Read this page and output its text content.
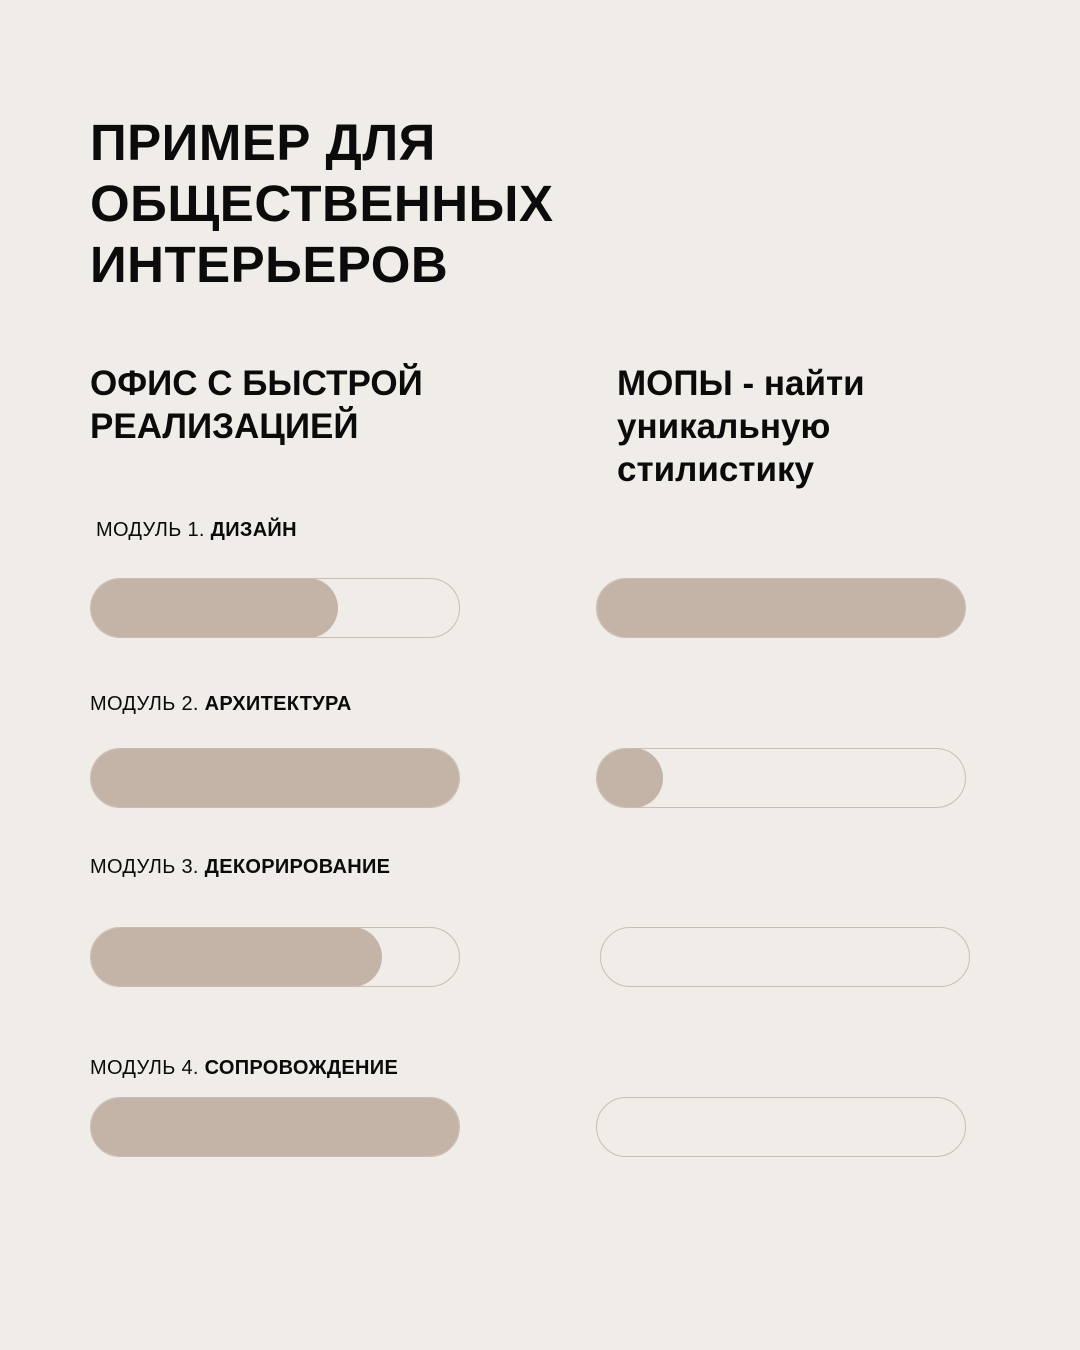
ПРИМЕР ДЛЯ
ОБЩЕСТВЕННЫХ
ИНТЕРЬЕРОВ
ОФИС С БЫСТРОЙ
РЕАЛИЗАЦИЕЙ
МОПЫ - найти
уникальную
стилистику
МОДУЛЬ 1. ДИЗАЙН
МОДУЛЬ 2. АРХИТЕКТУРА
МОДУЛЬ 3. ДЕКОРИРОВАНИЕ
МОДУЛЬ 4. СОПРОВОЖДЕНИЕ
